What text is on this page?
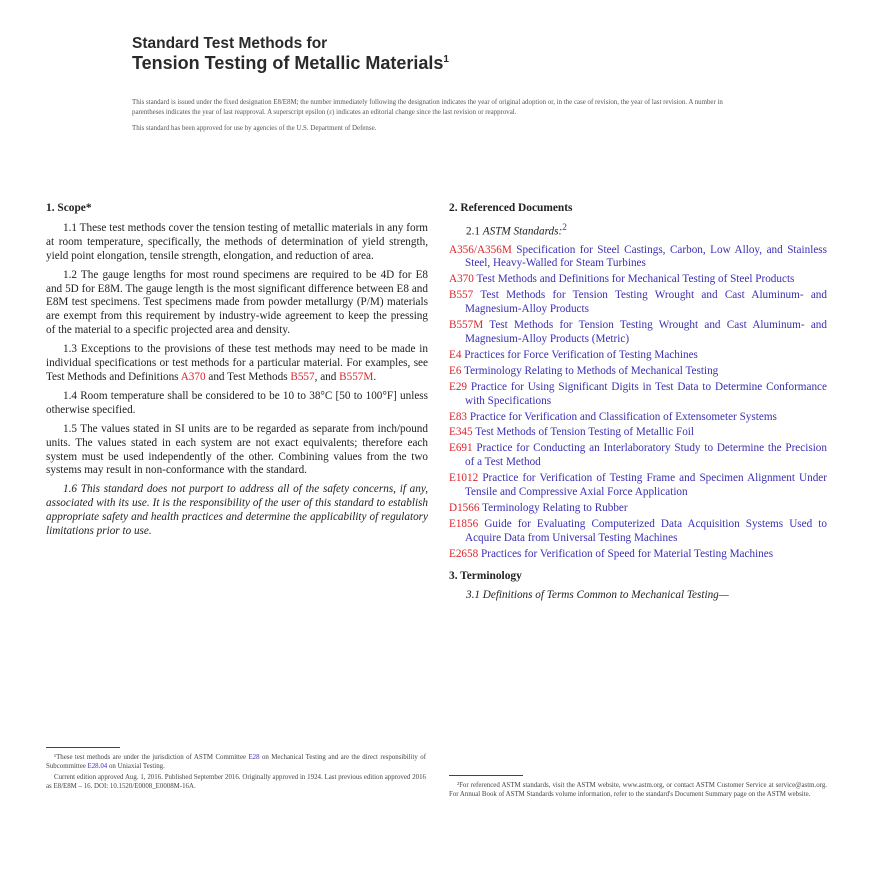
Standard Test Methods for
Tension Testing of Metallic Materials$^1$

This standard is issued under the fixed designation E8/E8M; the number immediately following the designation indicates the year of original adoption or, in the case of revision, the year of last revision. A number in parentheses indicates the year of last reapproval. A superscript epsilon (ε) indicates an editorial change since the last revision or reapproval.

This standard has been approved for use by agencies of the U.S. Department of Defense.

1. Scope*

1.1 These test methods cover the tension testing of metallic materials in any form at room temperature, specifically, the methods of determination of yield strength, yield point elongation, tensile strength, elongation, and reduction of area.

1.2 The gauge lengths for most round specimens are required to be 4D for E8 and 5D for E8M. The gauge length is the most significant difference between E8 and E8M test specimens. Test specimens made from powder metallurgy (P/M) materials are exempt from this requirement by industry-wide agreement to keep the pressing of the material to a specific projected area and density.

1.3 Exceptions to the provisions of these test methods may need to be made in individual specifications or test methods for a particular material. For examples, see Test Methods and Definitions A370 and Test Methods B557, and B557M.

1.4 Room temperature shall be considered to be 10 to 38°C [50 to 100°F] unless otherwise specified.

1.5 The values stated in SI units are to be regarded as separate from inch/pound units. The values stated in each system are not exact equivalents; therefore each system must be used independently of the other. Combining values from the two systems may result in non-conformance with the standard.

1.6 This standard does not purport to address all of the safety concerns, if any, associated with its use. It is the responsibility of the user of this standard to establish appropriate safety and health practices and determine the applicability of regulatory limitations prior to use.

¹These test methods are under the jurisdiction of ASTM Committee E28 on Mechanical Testing and are the direct responsibility of Subcommittee E28.04 on Uniaxial Testing.

Current edition approved Aug. 1, 2016. Published September 2016. Originally approved in 1924. Last previous edition approved 2016 as E8/E8M – 16. DOI: 10.1520/E0008_E0008M-16A.

2. Referenced Documents

2.1 ASTM Standards:$^2$

A356/A356M Specification for Steel Castings, Carbon, Low Alloy, and Stainless Steel, Heavy-Walled for Steam Turbines

A370 Test Methods and Definitions for Mechanical Testing of Steel Products

B557 Test Methods for Tension Testing Wrought and Cast Aluminum- and Magnesium-Alloy Products

B557M Test Methods for Tension Testing Wrought and Cast Aluminum- and Magnesium-Alloy Products (Metric)

E4 Practices for Force Verification of Testing Machines

E6 Terminology Relating to Methods of Mechanical Testing

E29 Practice for Using Significant Digits in Test Data to Determine Conformance with Specifications

E83 Practice for Verification and Classification of Extensometer Systems

E345 Test Methods of Tension Testing of Metallic Foil

E691 Practice for Conducting an Interlaboratory Study to Determine the Precision of a Test Method

E1012 Practice for Verification of Testing Frame and Specimen Alignment Under Tensile and Compressive Axial Force Application

D1566 Terminology Relating to Rubber

E1856 Guide for Evaluating Computerized Data Acquisition Systems Used to Acquire Data from Universal Testing Machines

E2658 Practices for Verification of Speed for Material Testing Machines

3. Terminology

3.1 Definitions of Terms Common to Mechanical Testing—

²For referenced ASTM standards, visit the ASTM website, www.astm.org, or contact ASTM Customer Service at service@astm.org. For Annual Book of ASTM Standards volume information, refer to the standard's Document Summary page on the ASTM website.
